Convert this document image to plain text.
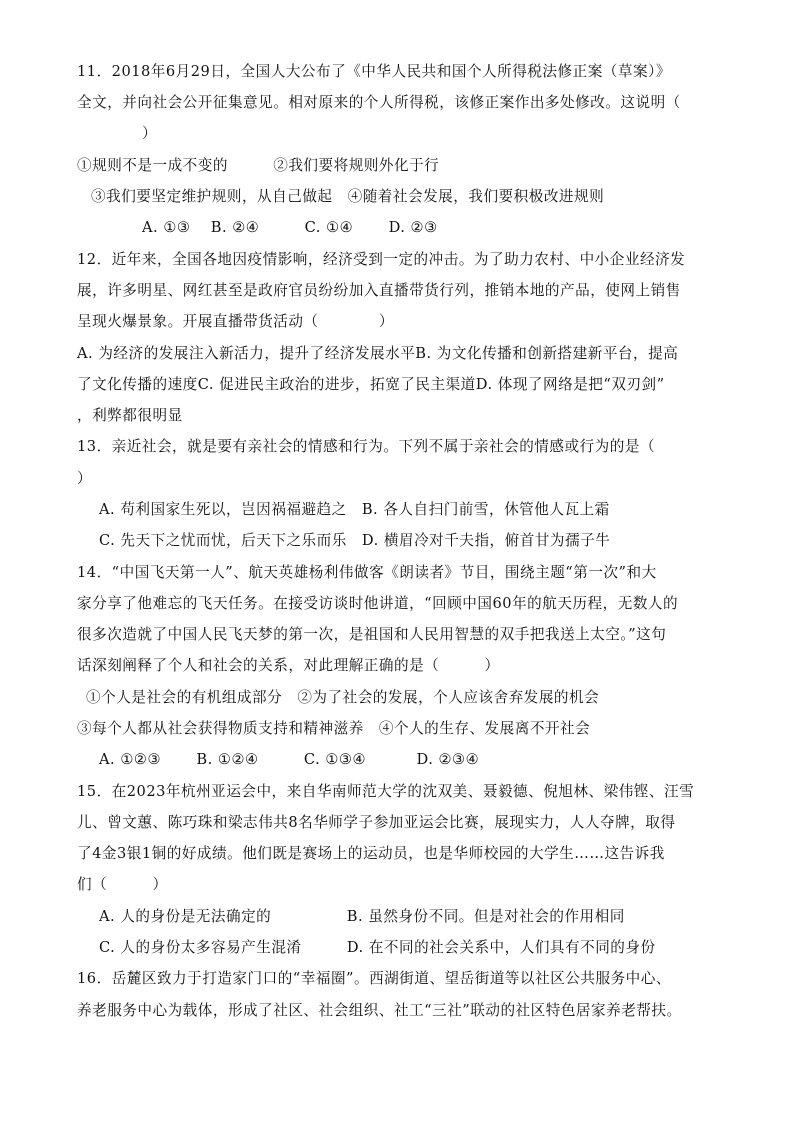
11．2018年6月29日，全国人大公布了《中华人民共和国个人所得税法修正案（草案）》
全文，并向社会公开征集意见。相对原来的个人所得税，该修正案作出多处修改。这说明（
）
①规则不是一成不变的　　　②我们要将规则外化于行
③我们要坚定维护规则，从自己做起　④随着社会发展，我们要积极改进规则
A. ①③　 B. ②④　　　C. ①④　　 D. ②③
12．近年来，全国各地因疫情影响，经济受到一定的冲击。为了助力农村、中小企业经济发
展，许多明星、网红甚至是政府官员纷纷加入直播带货行列，推销本地的产品，使网上销售
呈现火爆景象。开展直播带货活动（　　　　）
A. 为经济的发展注入新活力，提升了经济发展水平B. 为文化传播和创新搭建新平台，提高
了文化传播的速度C. 促进民主政治的进步，拓宽了民主渠道D. 体现了网络是把“双刃剑”
，利弊都很明显
13．亲近社会，就是要有亲社会的情感和行为。下列不属于亲社会的情感或行为的是（
）
A. 苟利国家生死以，岂因祸福避趋之　B. 各人自扫门前雪，休管他人瓦上霜
C. 先天下之忧而忧，后天下之乐而乐　D. 横眉冷对千夫指，俯首甘为孺子牛
14．“中国飞天第一人”、航天英雄杨利伟做客《朗读者》节目，围绕主题“第一次”和大
家分享了他难忘的飞天任务。在接受访谈时他讲道，“回顾中国60年的航天历程，无数人的
很多次造就了中国人民飞天梦的第一次，是祖国和人民用智慧的双手把我送上太空。”这句
话深刻阐释了个人和社会的关系，对此理解正确的是（　　　）
①个人是社会的有机组成部分　②为了社会的发展，个人应该舍弃发展的机会
③每个人都从社会获得物质支持和精神滋养　④个人的生存、发展离不开社会
A. ①②③　　 B. ①②④　　　C. ①③④　　　 D. ②③④
15．在2023年杭州亚运会中，来自华南师范大学的沈双美、聂毅德、倪旭林、梁伟铿、汪雪
儿、曾文蕙、陈巧珠和梁志伟共8名华师学子参加亚运会比赛，展现实力，人人夺牌，取得
了4金3银1铜的好成绩。他们既是赛场上的运动员，也是华师校园的大学生……这告诉我
们（　　　）
A. 人的身份是无法确定的　　　　　B. 虽然身份不同。但是对社会的作用相同
C. 人的身份太多容易产生混淆　　　D. 在不同的社会关系中，人们具有不同的身份
16．岳麓区致力于打造家门口的“幸福圈”。西湖街道、望岳街道等以社区公共服务中心、
养老服务中心为载体，形成了社区、社会组织、社工“三社”联动的社区特色居家养老帮扶。
